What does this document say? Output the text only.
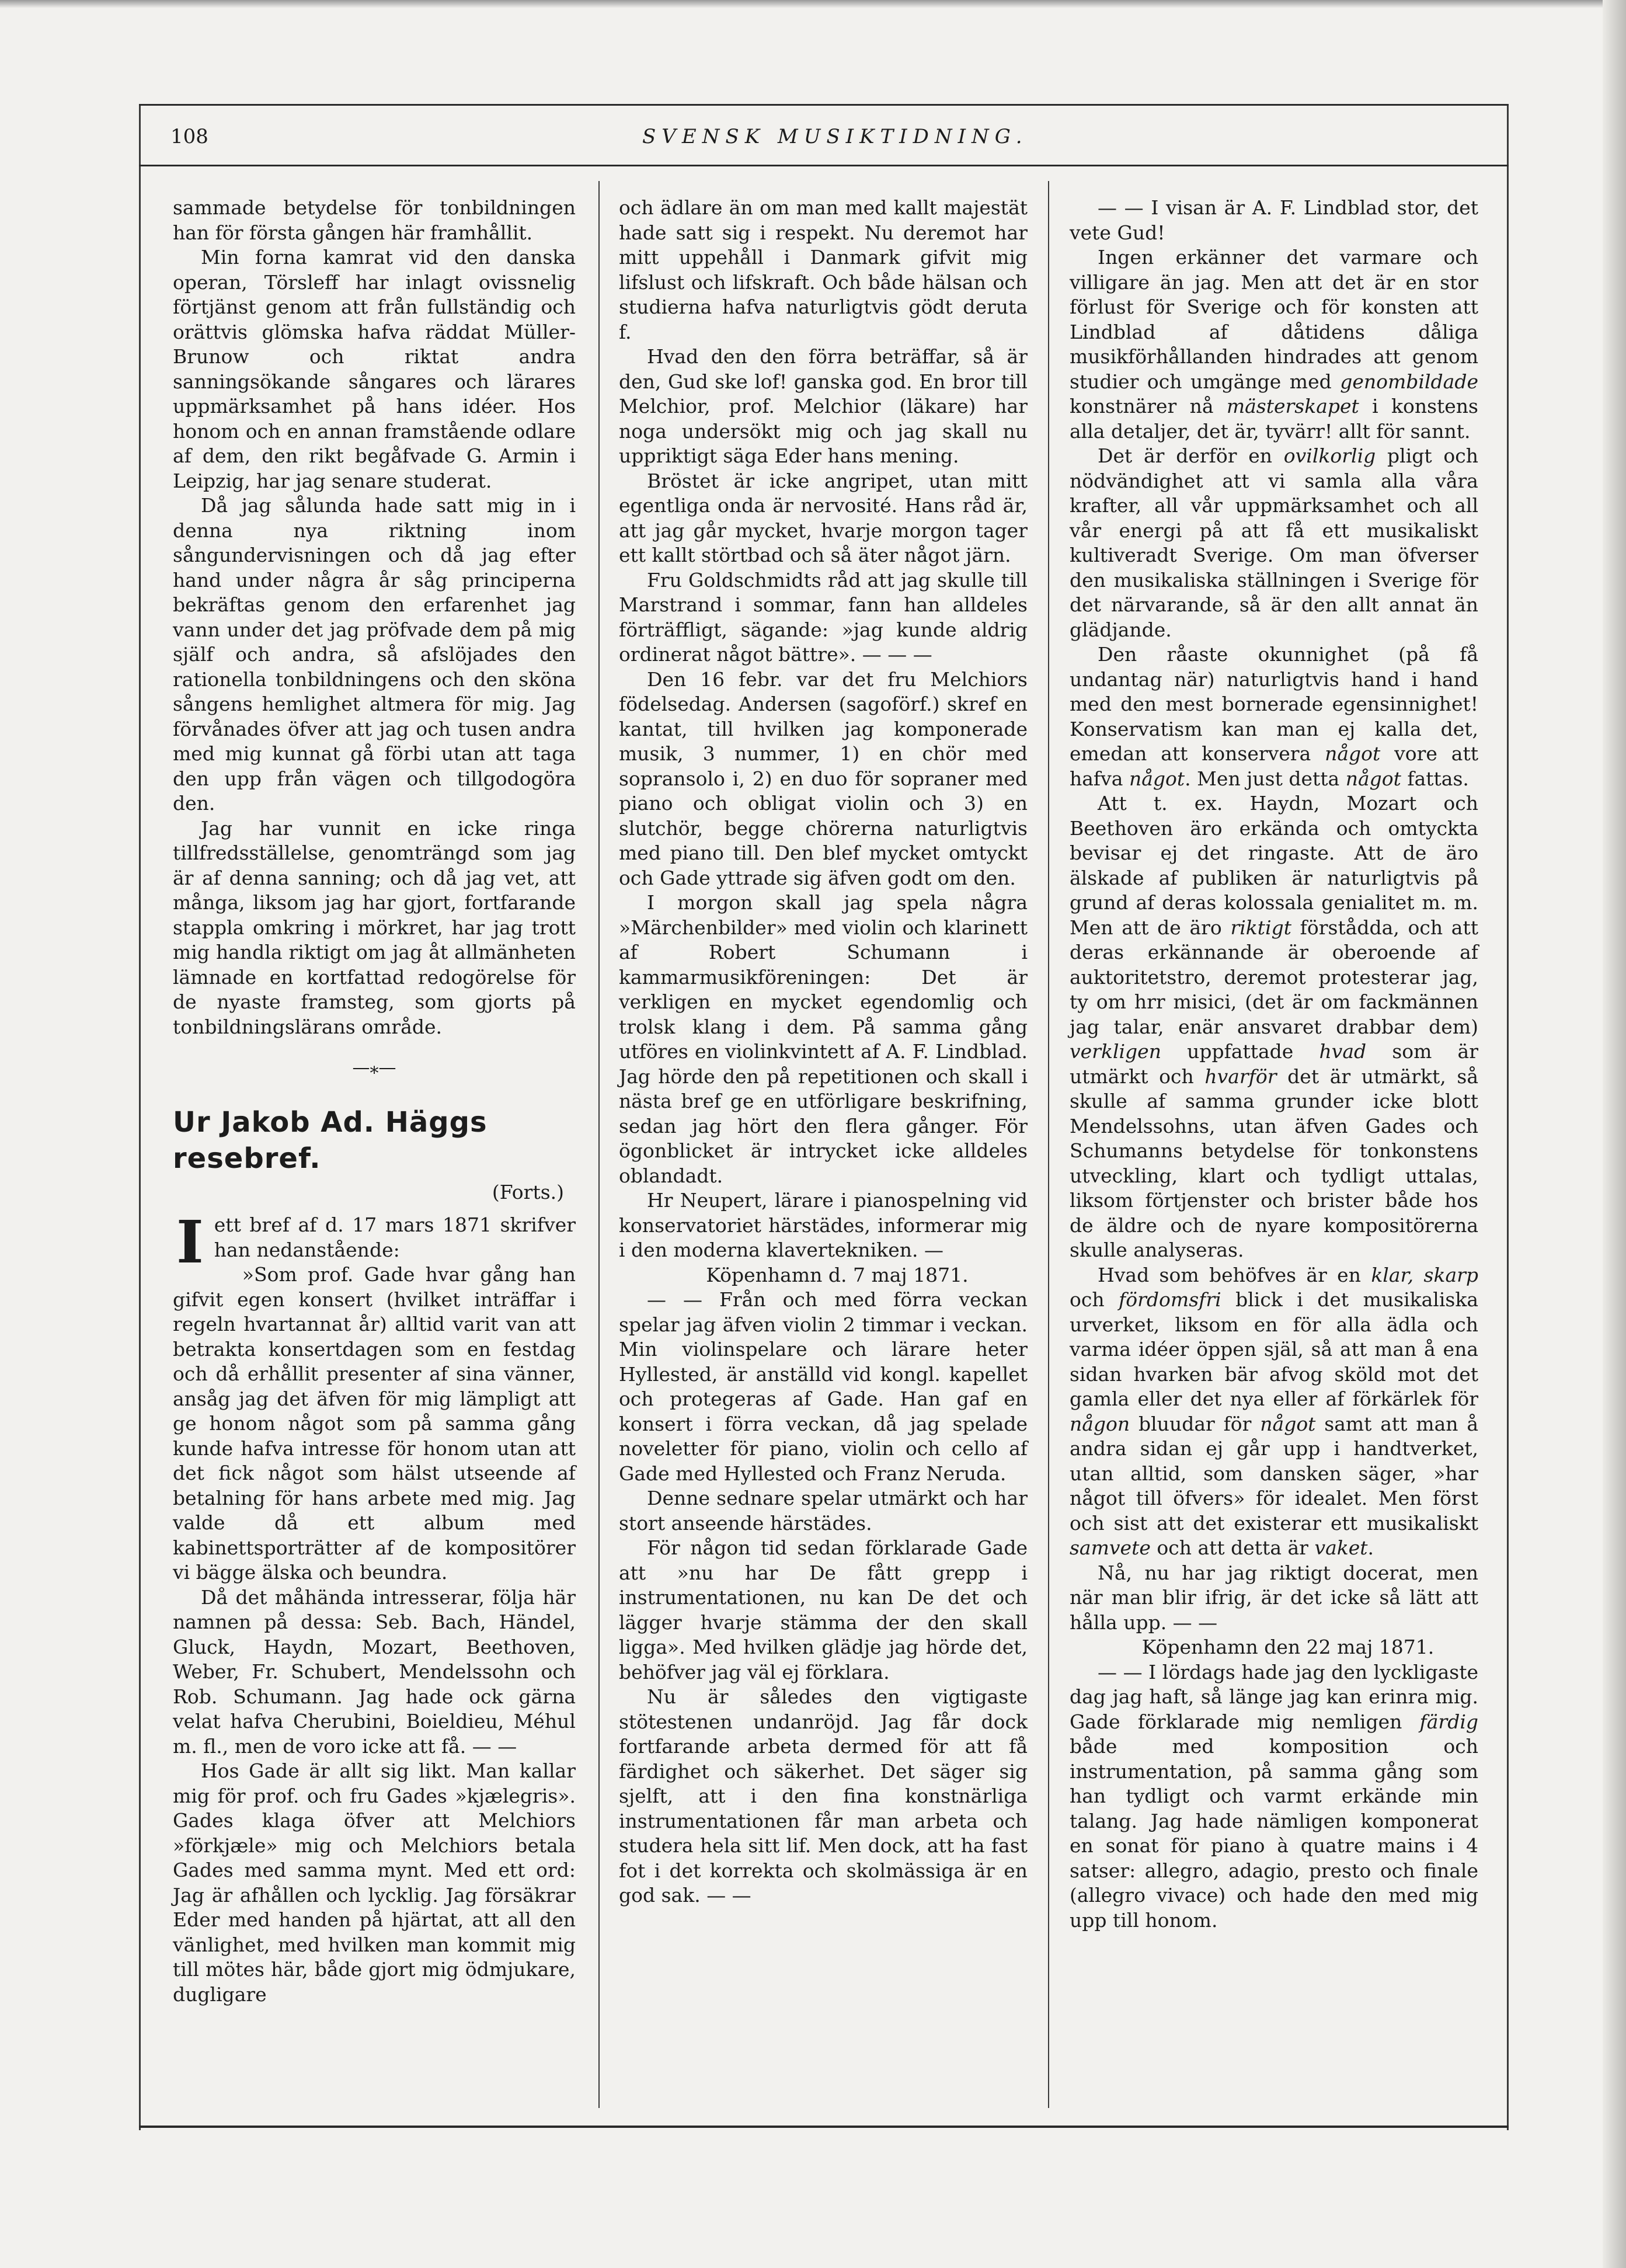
108	SVENSK MUSIKTIDNING.

sammade betydelse för tonbildningen han för första gången här framhållit.

Min forna kamrat vid den danska operan, Törsleff har inlagt ovissnelig förtjänst genom att från fullständig och orättvis glömska hafva räddat Müller-Brunow och riktat andra sanningsökande sångares och lärares uppmärksamhet på hans idéer. Hos honom och en annan framstående odlare af dem, den rikt begåfvade G. Armin i Leipzig, har jag senare studerat.

Då jag sålunda hade satt mig in i denna nya riktning inom sångundervisningen och då jag efter hand under några år såg principerna bekräftas genom den erfarenhet jag vann under det jag pröfvade dem på mig själf och andra, så afslöjades den rationella tonbildningens och den sköna sångens hemlighet altmera för mig. Jag förvånades öfver att jag och tusen andra med mig kunnat gå förbi utan att taga den upp från vägen och tillgodogöra den.

Jag har vunnit en icke ringa tillfredsställelse, genomträngd som jag är af denna sanning; och då jag vet, att många, liksom jag har gjort, fortfarande stappla omkring i mörkret, har jag trott mig handla riktigt om jag åt allmänheten lämnade en kortfattad redogörelse för de nyaste framsteg, som gjorts på tonbildningslärans område.

—⁎—
Ur Jakob Ad. Häggs resebref.
(Forts.)

Iett bref af d. 17 mars 1871 skrifver han nedanstående:

»Som prof. Gade hvar gång han gifvit egen konsert (hvilket inträffar i regeln hvartannat år) alltid varit van att betrakta konsertdagen som en festdag och då erhållit presenter af sina vänner, ansåg jag det äfven för mig lämpligt att ge honom något som på samma gång kunde hafva intresse för honom utan att det fick något som hälst utseende af betalning för hans arbete med mig. Jag valde då ett album med kabinettsporträtter af de kompositörer vi bägge älska och beundra.

Då det måhända intresserar, följa här namnen på dessa: Seb. Bach, Händel, Gluck, Haydn, Mozart, Beethoven, Weber, Fr. Schubert, Mendelssohn och Rob. Schumann. Jag hade ock gärna velat hafva Cherubini, Boieldieu, Méhul m. fl., men de voro icke att få. — —

Hos Gade är allt sig likt. Man kallar mig för prof. och fru Gades »kjælegris». Gades klaga öfver att Melchiors »förkjæle» mig och Melchiors betala Gades med samma mynt. Med ett ord: Jag är afhållen och lycklig. Jag försäkrar Eder med handen på hjärtat, att all den vänlighet, med hvilken man kommit mig till mötes här, både gjort mig ödmjukare, dugligare

och ädlare än om man med kallt majestät hade satt sig i respekt. Nu deremot har mitt uppehåll i Danmark gifvit mig lifslust och lifskraft. Och både hälsan och studierna hafva naturligtvis gödt deruta f.

Hvad den den förra beträffar, så är den, Gud ske lof! ganska god. En bror till Melchior, prof. Melchior (läkare) har noga undersökt mig och jag skall nu uppriktigt säga Eder hans mening.

Bröstet är icke angripet, utan mitt egentliga onda är nervosité. Hans råd är, att jag går mycket, hvarje morgon tager ett kallt störtbad och så äter något järn.

Fru Goldschmidts råd att jag skulle till Marstrand i sommar, fann han alldeles förträffligt, sägande: »jag kunde aldrig ordinerat något bättre». — — —

Den 16 febr. var det fru Melchiors födelsedag. Andersen (sagoförf.) skref en kantat, till hvilken jag komponerade musik, 3 nummer, 1) en chör med sopransolo i, 2) en duo för sopraner med piano och obligat violin och 3) en slutchör, begge chörerna naturligtvis med piano till. Den blef mycket omtyckt och Gade yttrade sig äfven godt om den.

I morgon skall jag spela några »Märchenbilder» med violin och klarinett af Robert Schumann i kammarmusikföreningen: Det är verkligen en mycket egendomlig och trolsk klang i dem. På samma gång utföres en violinkvintett af A. F. Lindblad. Jag hörde den på repetitionen och skall i nästa bref ge en utförligare beskrifning, sedan jag hört den flera gånger. För ögonblicket är intrycket icke alldeles oblandadt.

Hr Neupert, lärare i pianospelning vid konservatoriet härstädes, informerar mig i den moderna klavertekniken. —

Köpenhamn d. 7 maj 1871.

— — Från och med förra veckan spelar jag äfven violin 2 timmar i veckan. Min violinspelare och lärare heter Hyllested, är anställd vid kongl. kapellet och protegeras af Gade. Han gaf en konsert i förra veckan, då jag spelade noveletter för piano, violin och cello af Gade med Hyllested och Franz Neruda.

Denne sednare spelar utmärkt och har stort anseende härstädes.

För någon tid sedan förklarade Gade att »nu har De fått grepp i instrumentationen, nu kan De det och lägger hvarje stämma der den skall ligga». Med hvilken glädje jag hörde det, behöfver jag väl ej förklara.

Nu är således den vigtigaste stötestenen undanröjd. Jag får dock fortfarande arbeta dermed för att få färdighet och säkerhet. Det säger sig sjelft, att i den fina konstnärliga instrumentationen får man arbeta och studera hela sitt lif. Men dock, att ha fast fot i det korrekta och skolmässiga är en god sak. — —

— — I visan är A. F. Lindblad stor, det vete Gud!

Ingen erkänner det varmare och villigare än jag. Men att det är en stor förlust för Sverige och för konsten att Lindblad af dåtidens dåliga musikförhållanden hindrades att genom studier och umgänge med genombildade konstnärer nå mästerskapet i konstens alla detaljer, det är, tyvärr! allt för sannt.

Det är derför en ovilkorlig pligt och nödvändighet att vi samla alla våra krafter, all vår uppmärksamhet och all vår energi på att få ett musikaliskt kultiveradt Sverige. Om man öfverser den musikaliska ställningen i Sverige för det närvarande, så är den allt annat än glädjande.

Den råaste okunnighet (på få undantag när) naturligtvis hand i hand med den mest bornerade egensinnighet! Konservatism kan man ej kalla det, emedan att konservera något vore att hafva något. Men just detta något fattas.

Att t. ex. Haydn, Mozart och Beethoven äro erkända och omtyckta bevisar ej det ringaste. Att de äro älskade af publiken är naturligtvis på grund af deras kolossala genialitet m. m. Men att de äro riktigt förstådda, och att deras erkännande är oberoende af auktoritetstro, deremot protesterar jag, ty om hrr misici, (det är om fackmännen jag talar, enär ansvaret drabbar dem) verkligen uppfattade hvad som är utmärkt och hvarför det är utmärkt, så skulle af samma grunder icke blott Mendelssohns, utan äfven Gades och Schumanns betydelse för tonkonstens utveckling, klart och tydligt uttalas, liksom förtjenster och brister både hos de äldre och de nyare kompositörerna skulle analyseras.

Hvad som behöfves är en klar, skarp och fördomsfri blick i det musikaliska urverket, liksom en för alla ädla och varma idéer öppen själ, så att man å ena sidan hvarken bär afvog sköld mot det gamla eller det nya eller af förkärlek för någon bluudar för något samt att man å andra sidan ej går upp i handtverket, utan alltid, som dansken säger, »har något till öfvers» för idealet. Men först och sist att det existerar ett musikaliskt samvete och att detta är vaket.

Nå, nu har jag riktigt docerat, men när man blir ifrig, är det icke så lätt att hålla upp. — —

Köpenhamn den 22 maj 1871.

— — I lördags hade jag den lyckligaste dag jag haft, så länge jag kan erinra mig. Gade förklarade mig nemligen färdig både med komposition och instrumentation, på samma gång som han tydligt och varmt erkände min talang. Jag hade nämligen komponerat en sonat för piano à quatre mains i 4 satser: allegro, adagio, presto och finale (allegro vivace) och hade den med mig upp till honom.
